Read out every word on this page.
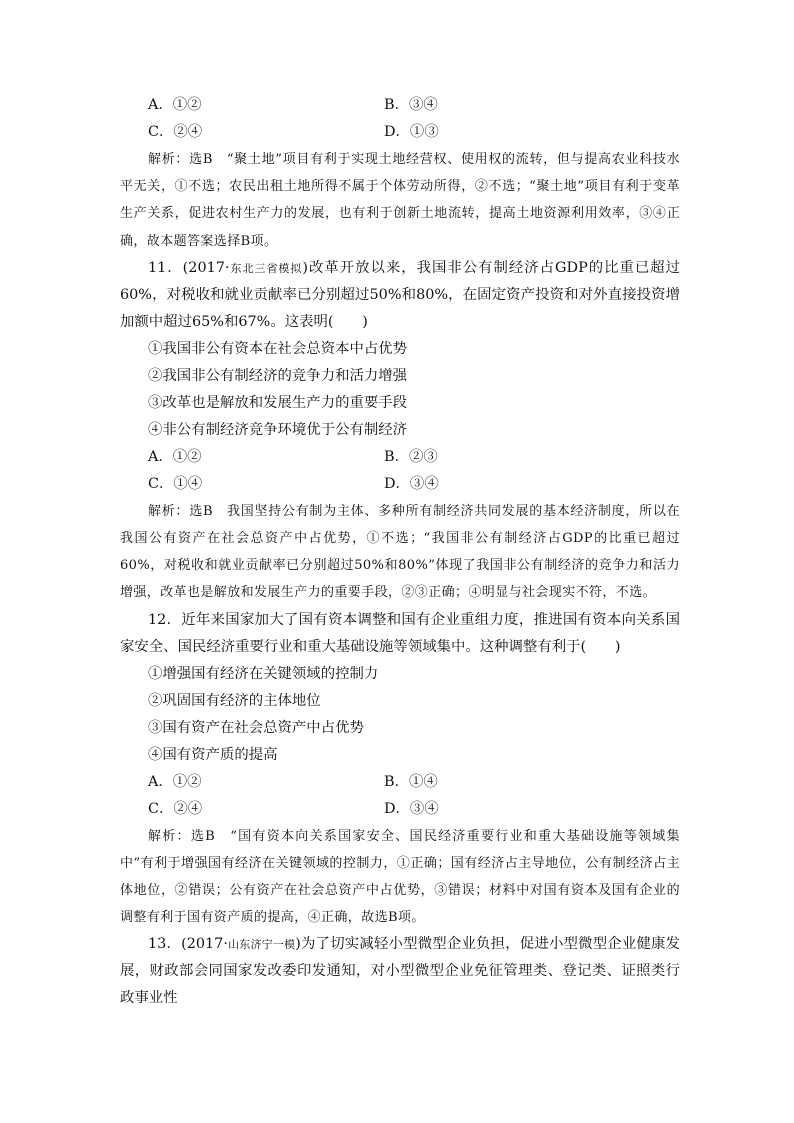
A．①②	B．③④
C．②④	D．①③

解析：选B　“聚土地”项目有利于实现土地经营权、使用权的流转，但与提高农业科技水平无关，①不选；农民出租土地所得不属于个体劳动所得，②不选；“聚土地”项目有利于变革生产关系，促进农村生产力的发展，也有利于创新土地流转，提高土地资源利用效率，③④正确，故本题答案选择B项。

11．(2017·东北三省模拟)改革开放以来，我国非公有制经济占GDP的比重已超过60%，对税收和就业贡献率已分别超过50%和80%，在固定资产投资和对外直接投资增加额中超过65%和67%。这表明(　　)

①我国非公有资本在社会总资本中占优势
②我国非公有制经济的竞争力和活力增强
③改革也是解放和发展生产力的重要手段
④非公有制经济竞争环境优于公有制经济
A．①②	B．②③
C．①④	D．③④

解析：选B　我国坚持公有制为主体、多种所有制经济共同发展的基本经济制度，所以在我国公有资产在社会总资产中占优势，①不选；“我国非公有制经济占GDP的比重已超过60%，对税收和就业贡献率已分别超过50%和80%”体现了我国非公有制经济的竞争力和活力增强，改革也是解放和发展生产力的重要手段，②③正确；④明显与社会现实不符，不选。

12．近年来国家加大了国有资本调整和国有企业重组力度，推进国有资本向关系国家安全、国民经济重要行业和重大基础设施等领域集中。这种调整有利于(　　)

①增强国有经济在关键领域的控制力
②巩固国有经济的主体地位
③国有资产在社会总资产中占优势
④国有资产质的提高
A．①②	B．①④
C．②④	D．③④

解析：选B　“国有资本向关系国家安全、国民经济重要行业和重大基础设施等领域集中”有利于增强国有经济在关键领域的控制力，①正确；国有经济占主导地位，公有制经济占主体地位，②错误；公有资产在社会总资产中占优势，③错误；材料中对国有资本及国有企业的调整有利于国有资产质的提高，④正确，故选B项。

13．(2017·山东济宁一模)为了切实减轻小型微型企业负担，促进小型微型企业健康发展，财政部会同国家发改委印发通知，对小型微型企业免征管理类、登记类、证照类行政事业性
